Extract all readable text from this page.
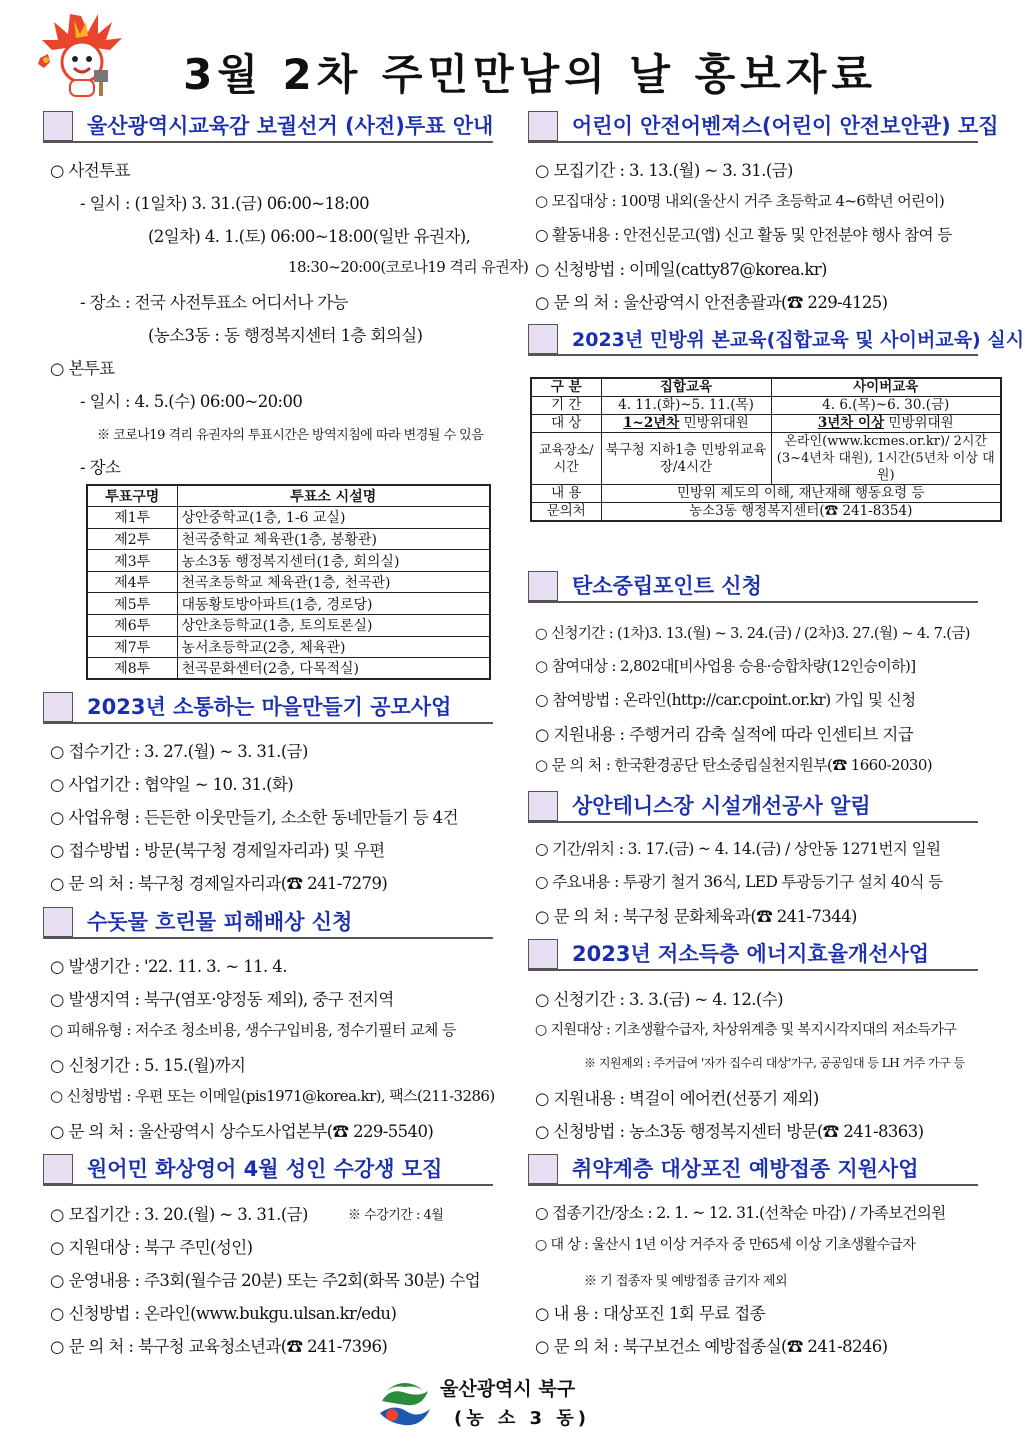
3월 2차 주민만남의 날 홍보자료
울산광역시교육감 보궐선거 (사전)투표 안내
○ 사전투표
- 일시 : (1일차) 3. 31.(금) 06:00~18:00
(2일차) 4. 1.(토) 06:00~18:00(일반 유권자),
18:30~20:00(코로나19 격리 유권자)
- 장소 : 전국 사전투표소 어디서나 가능
(농소3동 : 동 행정복지센터 1층 회의실)
○ 본투표
- 일시 : 4. 5.(수) 06:00~20:00
※ 코로나19 격리 유권자의 투표시간은 방역지침에 따라 변경될 수 있음
- 장소
투표구명	투표소 시설명
제1투	상안중학교(1층, 1-6 교실)
제2투	천곡중학교 체육관(1층, 봉황관)
제3투	농소3동 행정복지센터(1층, 회의실)
제4투	천곡초등학교 체육관(1층, 천곡관)
제5투	대동황토방아파트(1층, 경로당)
제6투	상안초등학교(1층, 토의토론실)
제7투	농서초등학교(2층, 체육관)
제8투	천곡문화센터(2층, 다목적실)
2023년 소통하는 마을만들기 공모사업
○ 접수기간 : 3. 27.(월) ~ 3. 31.(금)
○ 사업기간 : 협약일 ~ 10. 31.(화)
○ 사업유형 : 든든한 이웃만들기, 소소한 동네만들기 등 4건
○ 접수방법 : 방문(북구청 경제일자리과) 및 우편
○ 문 의 처 : 북구청 경제일자리과(☎ 241-7279)
수돗물 흐린물 피해배상 신청
○ 발생기간 : '22. 11. 3. ~ 11. 4.
○ 발생지역 : 북구(염포·양정동 제외), 중구 전지역
○ 피해유형 : 저수조 청소비용, 생수구입비용, 정수기필터 교체 등
○ 신청기간 : 5. 15.(월)까지
○ 신청방법 : 우편 또는 이메일(pis1971@korea.kr), 팩스(211-3286)
○ 문 의 처 : 울산광역시 상수도사업본부(☎ 229-5540)
원어민 화상영어 4월 성인 수강생 모집
○ 모집기간 : 3. 20.(월) ~ 3. 31.(금)	※ 수강기간 : 4월
○ 지원대상 : 북구 주민(성인)
○ 운영내용 : 주3회(월수금 20분) 또는 주2회(화목 30분) 수업
○ 신청방법 : 온라인(www.bukgu.ulsan.kr/edu)
○ 문 의 처 : 북구청 교육청소년과(☎ 241-7396)
어린이 안전어벤져스(어린이 안전보안관) 모집
○ 모집기간 : 3. 13.(월) ~ 3. 31.(금)
○ 모집대상 : 100명 내외(울산시 거주 초등학교 4~6학년 어린이)
○ 활동내용 : 안전신문고(앱) 신고 활동 및 안전분야 행사 참여 등
○ 신청방법 : 이메일(catty87@korea.kr)
○ 문 의 처 : 울산광역시 안전총괄과(☎ 229-4125)
2023년 민방위 본교육(집합교육 및 사이버교육) 실시
구 분	집합교육	사이버교육
기 간	4. 11.(화)~5. 11.(목)	4. 6.(목)~6. 30.(금)
대 상	1~2년차 민방위대원	3년차 이상 민방위대원
교육장소/시간	북구청 지하1층 민방위교육장/4시간	온라인(www.kcmes.or.kr)/ 2시간(3~4년차 대원), 1시간(5년차 이상 대원)
내 용	민방위 제도의 이해, 재난재해 행동요령 등	
문의처	농소3동 행정복지센터(☎ 241-8354)	
탄소중립포인트 신청
○ 신청기간 : (1차)3. 13.(월) ~ 3. 24.(금) / (2차)3. 27.(월) ~ 4. 7.(금)
○ 참여대상 : 2,802대[비사업용 승용·승합차량(12인승이하)]
○ 참여방법 : 온라인(http://car.cpoint.or.kr) 가입 및 신청
○ 지원내용 : 주행거리 감축 실적에 따라 인센티브 지급
○ 문 의 처 : 한국환경공단 탄소중립실천지원부(☎ 1660-2030)
상안테니스장 시설개선공사 알림
○ 기간/위치 : 3. 17.(금) ~ 4. 14.(금) / 상안동 1271번지 일원
○ 주요내용 : 투광기 철거 36식, LED 투광등기구 설치 40식 등
○ 문 의 처 : 북구청 문화체육과(☎ 241-7344)
2023년 저소득층 에너지효율개선사업
○ 신청기간 : 3. 3.(금) ~ 4. 12.(수)
○ 지원대상 : 기초생활수급자, 차상위계층 및 복지시각지대의 저소득가구
※ 지원제외 : 주거급여 '자가 집수리 대상'가구, 공공임대 등 LH 거주 가구 등
○ 지원내용 : 벽걸이 에어컨(선풍기 제외)
○ 신청방법 : 농소3동 행정복지센터 방문(☎ 241-8363)
취약계층 대상포진 예방접종 지원사업
○ 접종기간/장소 : 2. 1. ~ 12. 31.(선착순 마감) / 가족보건의원
○ 대 상 : 울산시 1년 이상 거주자 중 만65세 이상 기초생활수급자
※ 기 접종자 및 예방접종 금기자 제외
○ 내 용 : 대상포진 1회 무료 접종
○ 문 의 처 : 북구보건소 예방접종실(☎ 241-8246)
울산광역시 북구
(농 소 3 동)
